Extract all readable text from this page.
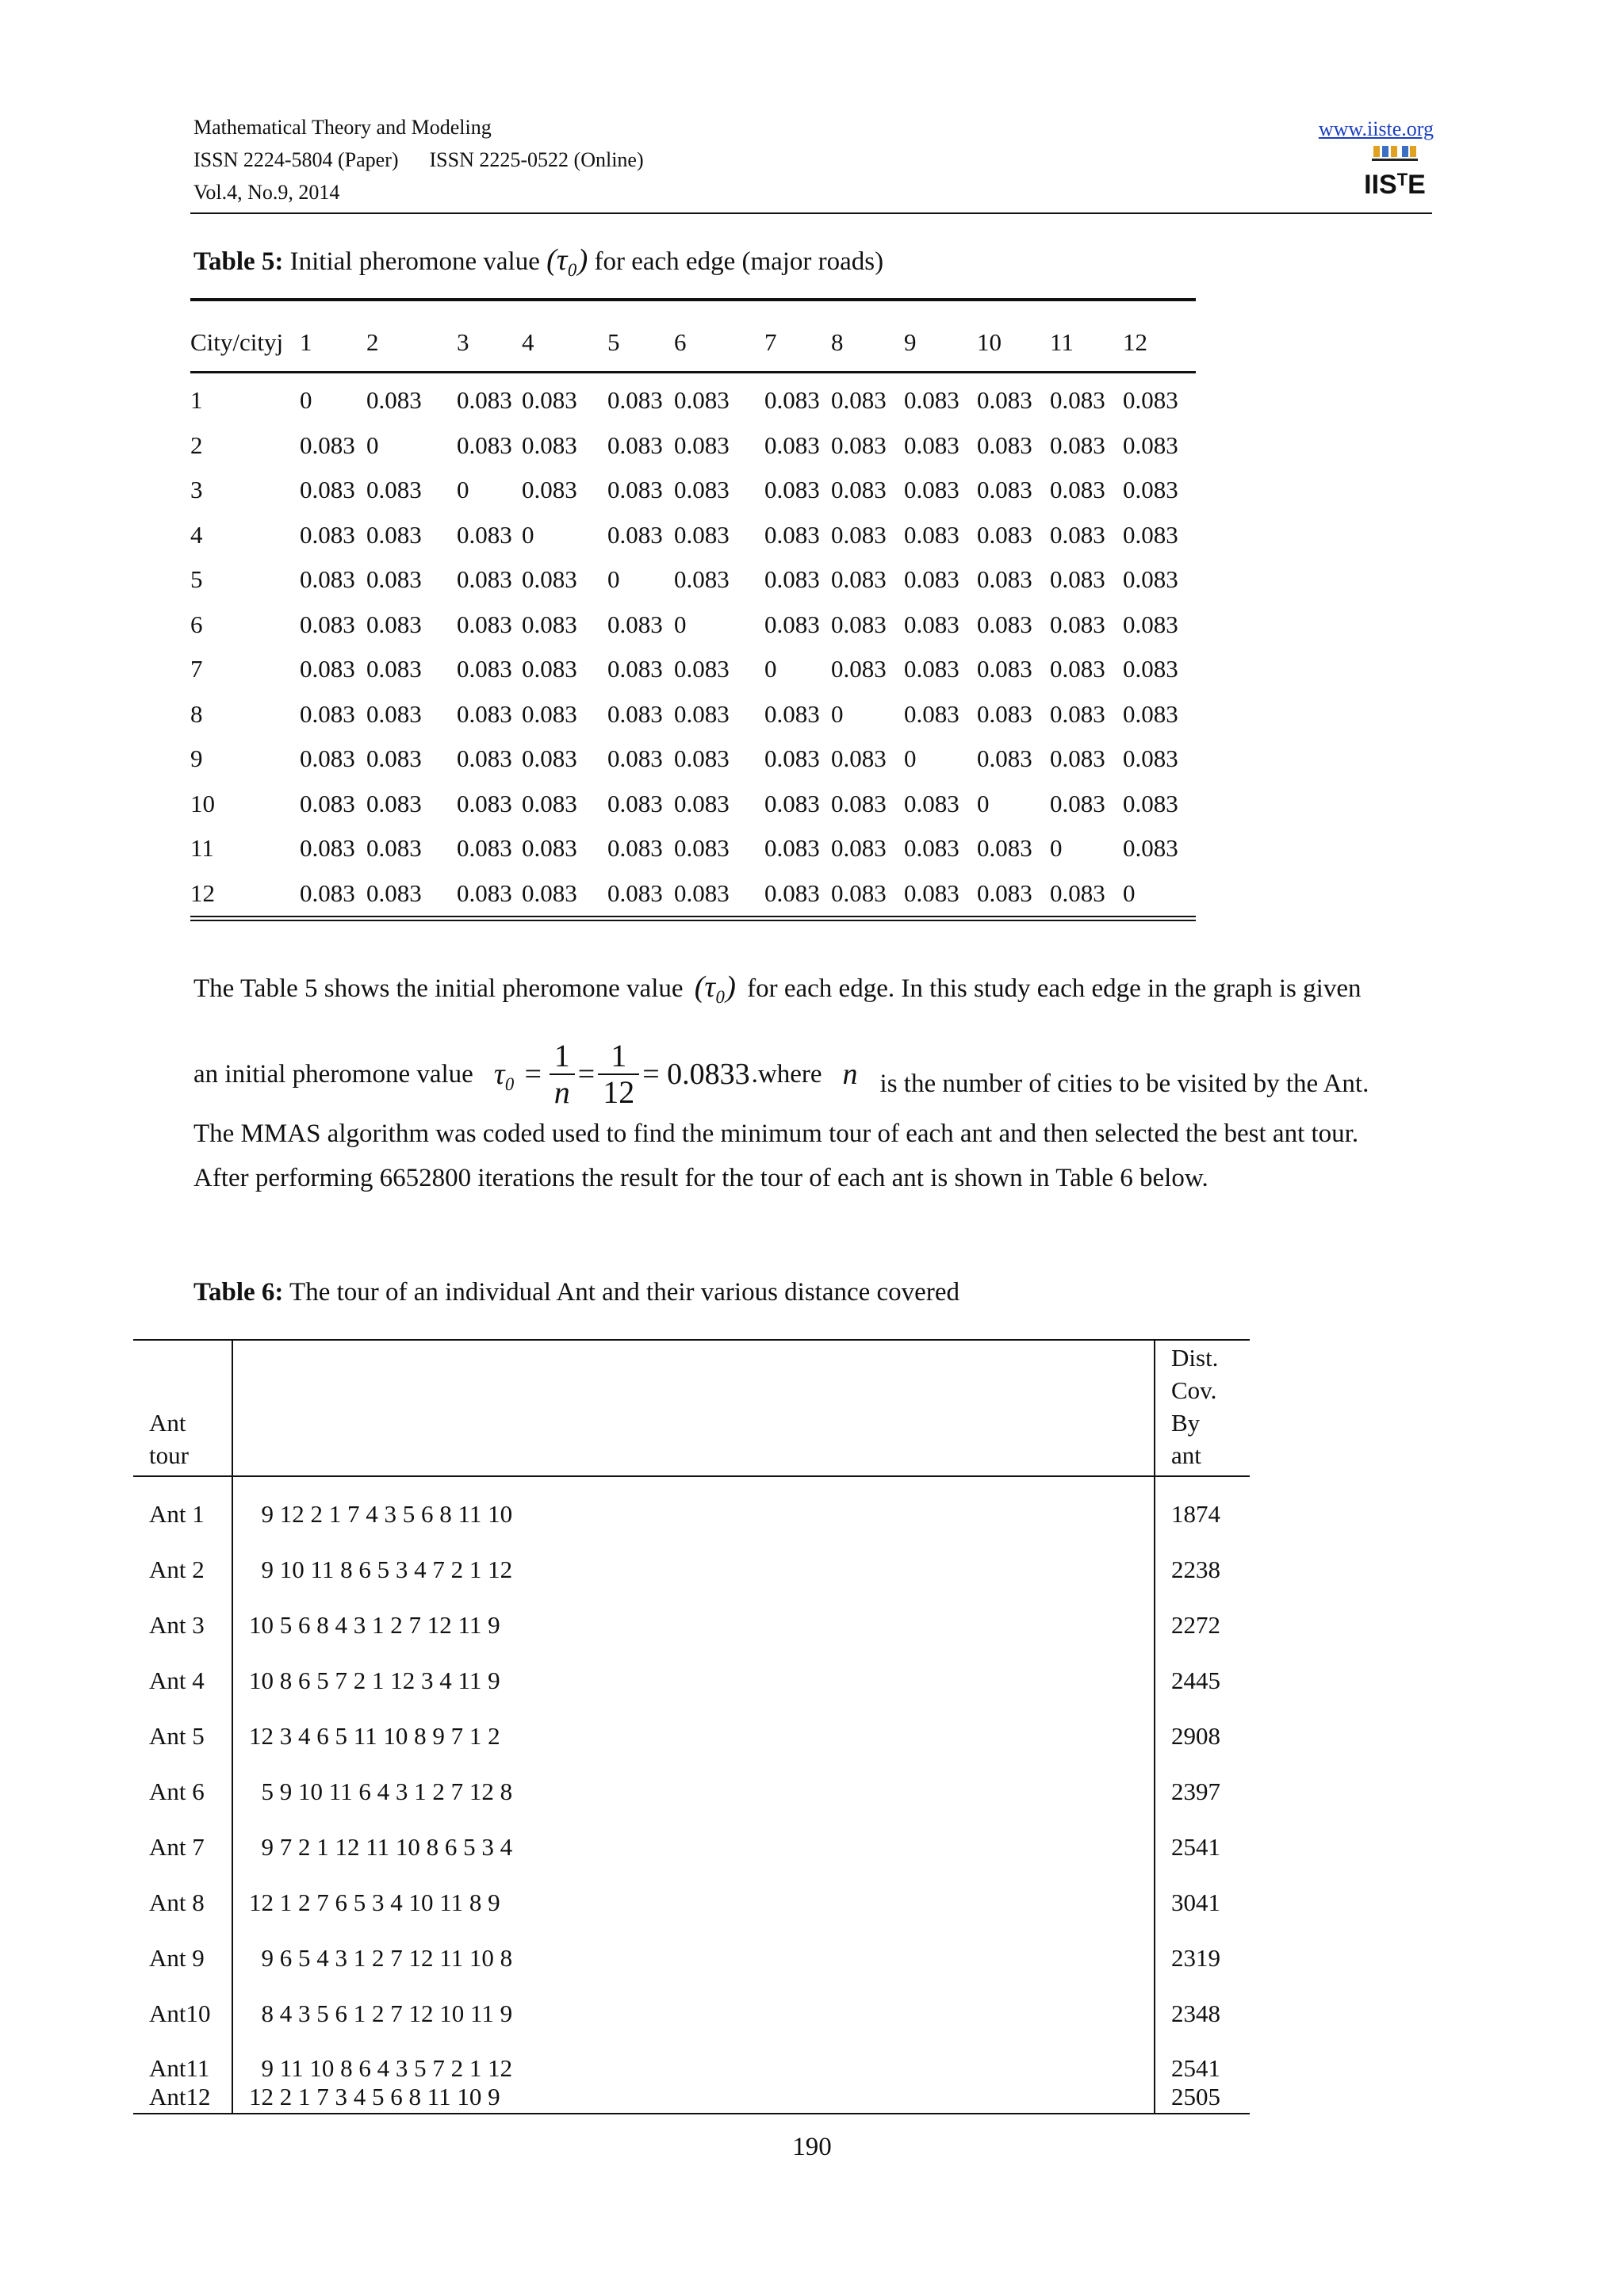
Mathematical Theory and Modeling
ISSN 2224-5804 (Paper)      ISSN 2225-0522 (Online)
Vol.4, No.9, 2014
www.iiste.org
$IIS^TE$
Table 5: Initial pheromone value (τ₀) for each edge (major roads)
City/cityj	1	2	3	4	5	6	7	8	9	10	11	12
1	0	0.083	0.083	0.083	0.083	0.083	0.083	0.083	0.083	0.083	0.083	0.083
2	0.083	0	0.083	0.083	0.083	0.083	0.083	0.083	0.083	0.083	0.083	0.083
3	0.083	0.083	0	0.083	0.083	0.083	0.083	0.083	0.083	0.083	0.083	0.083
4	0.083	0.083	0.083	0	0.083	0.083	0.083	0.083	0.083	0.083	0.083	0.083
5	0.083	0.083	0.083	0.083	0	0.083	0.083	0.083	0.083	0.083	0.083	0.083
6	0.083	0.083	0.083	0.083	0.083	0	0.083	0.083	0.083	0.083	0.083	0.083
7	0.083	0.083	0.083	0.083	0.083	0.083	0	0.083	0.083	0.083	0.083	0.083
8	0.083	0.083	0.083	0.083	0.083	0.083	0.083	0	0.083	0.083	0.083	0.083
9	0.083	0.083	0.083	0.083	0.083	0.083	0.083	0.083	0	0.083	0.083	0.083
10	0.083	0.083	0.083	0.083	0.083	0.083	0.083	0.083	0.083	0	0.083	0.083
11	0.083	0.083	0.083	0.083	0.083	0.083	0.083	0.083	0.083	0.083	0	0.083
12	0.083	0.083	0.083	0.083	0.083	0.083	0.083	0.083	0.083	0.083	0.083	0
The Table 5 shows the initial pheromone value (τ₀) for each edge. In this study each edge in the graph is given
an initial pheromone value $\tau_0 = \frac{1}{n} = \frac{1}{12} = 0.0833$ .where n is the number of cities to be visited by the Ant.
The MMAS algorithm was coded used to find the minimum tour of each ant and then selected the best ant tour.
After performing 6652800 iterations the result for the tour of each ant is shown in Table 6 below.
Table 6: The tour of an individual Ant and their various distance covered
Ant
tour		Dist.
Cov.
By
ant
Ant 1	9 12 2 1 7 4 3 5 6 8 11 10	1874
Ant 2	9 10 11 8 6 5 3 4 7 2 1 12	2238
Ant 3	10 5 6 8 4 3 1 2 7 12 11 9	2272
Ant 4	10 8 6 5 7 2 1 12 3 4 11 9	2445
Ant 5	12 3 4 6 5 11 10 8 9 7 1 2	2908
Ant 6	5 9 10 11 6 4 3 1 2 7 12 8	2397
Ant 7	9 7 2 1 12 11 10 8 6 5 3 4	2541
Ant 8	12 1 2 7 6 5 3 4 10 11 8 9	3041
Ant 9	9 6 5 4 3 1 2 7 12 11 10 8	2319
Ant10	8 4 3 5 6 1 2 7 12 10 11 9	2348
Ant11	9 11 10 8 6 4 3 5 7 2 1 12	2541
Ant12	12 2 1 7 3 4 5 6 8 11 10 9	2505
190
